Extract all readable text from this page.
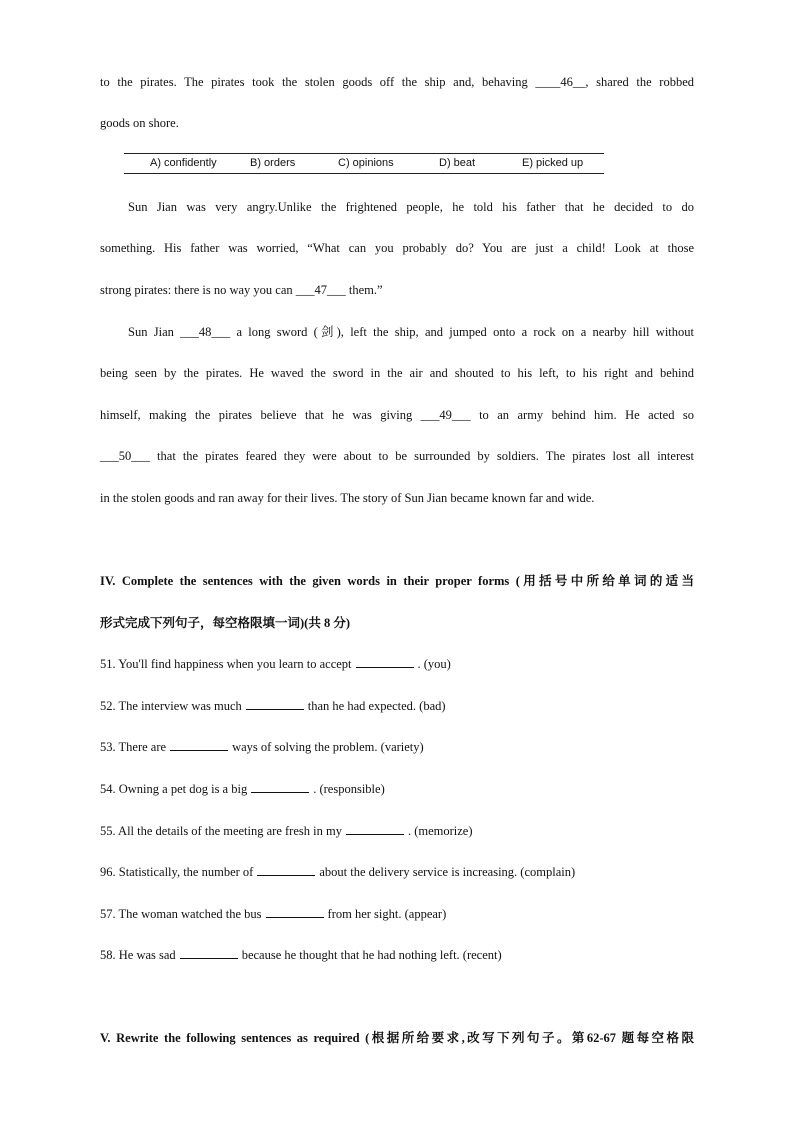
to the pirates. The pirates took the stolen goods off the ship and, behaving ____46__, shared the robbed
goods on shore.
A) confidently	B) orders	C) opinions	D) beat	E) picked up
Sun Jian was very angry.Unlike the frightened people, he told his father that he decided to do
something. His father was worried, “What can you probably do? You are just a child! Look at those
strong pirates: there is no way you can ___47___ them.”
Sun Jian ___48___ a long sword (剑), left the ship, and jumped onto a rock on a nearby hill without
being seen by the pirates. He waved the sword in the air and shouted to his left, to his right and behind
himself, making the pirates believe that he was giving ___49___ to an army behind him. He acted so
___50___ that the pirates feared they were about to be surrounded by soldiers. The pirates lost all interest
in the stolen goods and ran away for their lives. The story of Sun Jian became known far and wide.
IV. Complete the sentences with the given words in their proper forms (用括号中所给单词的适当
形式完成下列句子，每空格限填一词)(共 8 分)
51. You'll find happiness when you learn to accept	. (you)
52. The interview was much	than he had expected. (bad)
53. There are	ways of solving the problem. (variety)
54. Owning a pet dog is a big	. (responsible)
55. All the details of the meeting are fresh in my	. (memorize)
96. Statistically, the number of	about the delivery service is increasing. (complain)
57. The woman watched the bus	from her sight. (appear)
58. He was sad	because he thought that he had nothing left. (recent)
V. Rewrite the following sentences as required (根据所给要求,改写下列句子。第62-67 题每空格限
